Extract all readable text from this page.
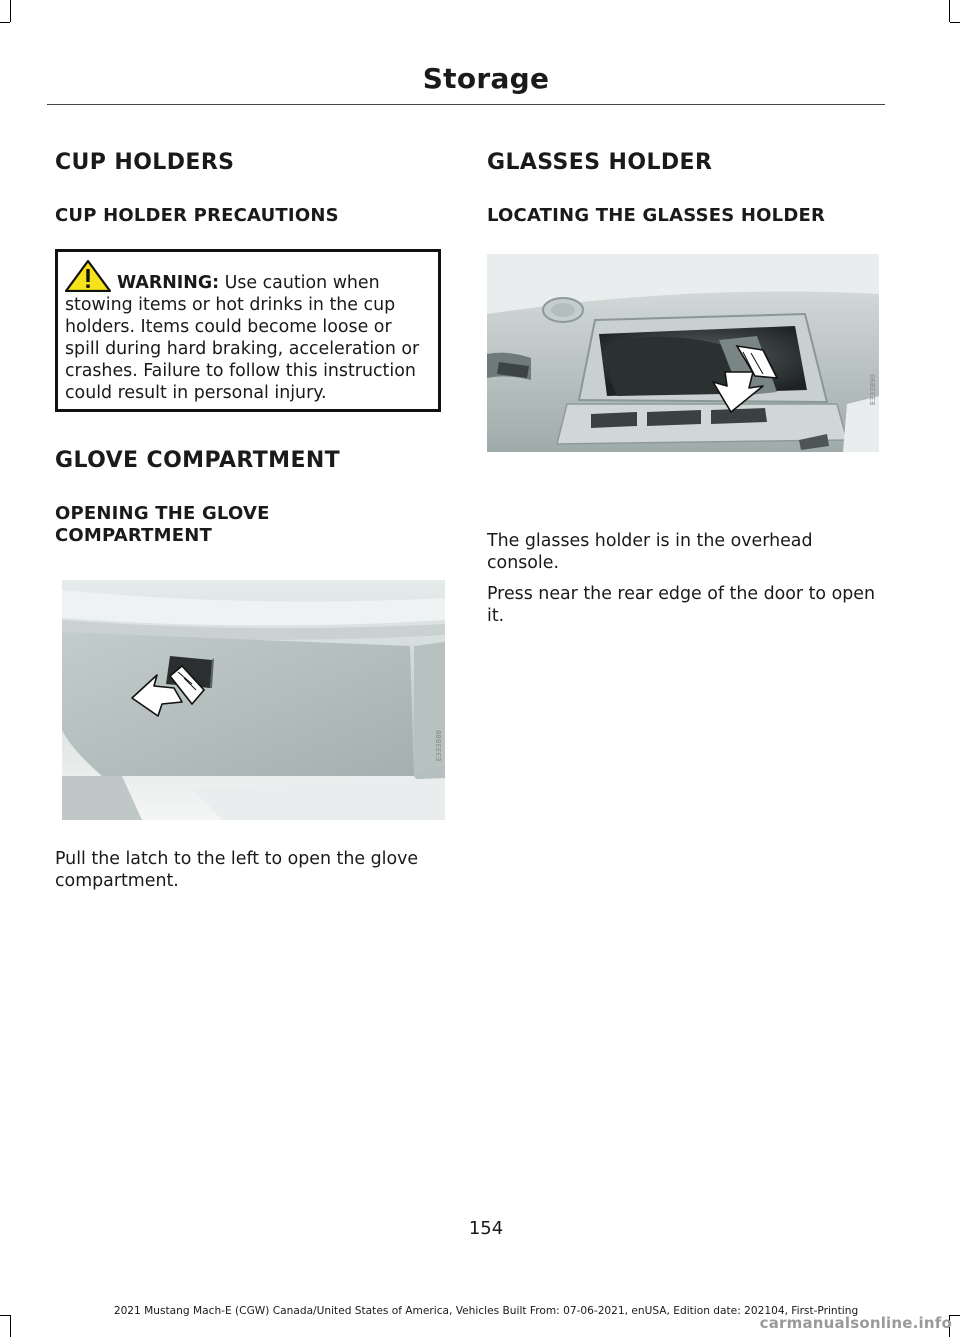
Storage
CUP HOLDERS
CUP HOLDER PRECAUTIONS
WARNING: Use caution when stowing items or hot drinks in the cup holders. Items could become loose or spill during hard braking, acceleration or crashes. Failure to follow this instruction could result in personal injury.
GLOVE COMPARTMENT
OPENING THE GLOVE COMPARTMENT
E333888

Pull the latch to the left to open the glove compartment.

GLASSES HOLDER
LOCATING THE GLASSES HOLDER
E333890

The glasses holder is in the overhead console.

Press near the rear edge of the door to open it.

154
2021 Mustang Mach-E (CGW) Canada/United States of America, Vehicles Built From: 07-06-2021, enUSA, Edition date: 202104, First-Printing
carmanualsonline.info
